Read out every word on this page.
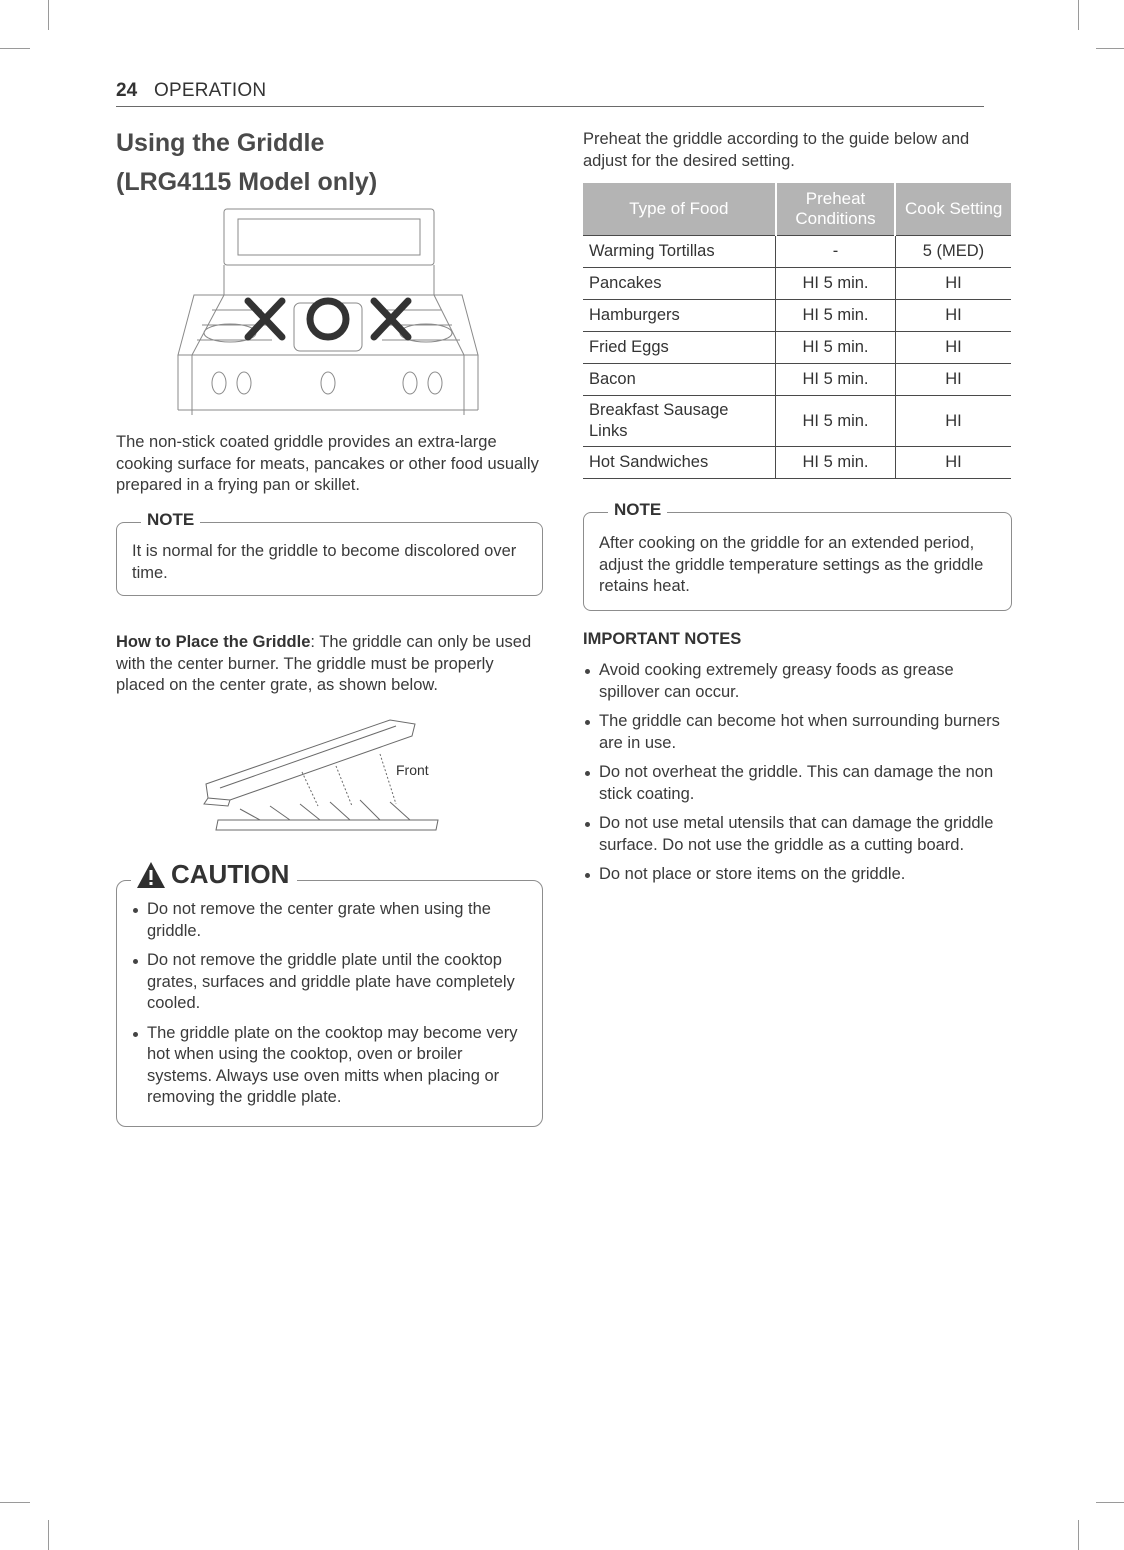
24 OPERATION
Using the Griddle
(LRG4115 Model only)

The non-stick coated griddle provides an extra-large cooking surface for meats, pancakes or other food usually prepared in a frying pan or skillet.

NOTE

It is normal for the griddle to become discolored over time.

How to Place the Griddle: The griddle can only be used with the center burner. The griddle must be properly placed on the center grate, as shown below.

Front
CAUTION
Do not remove the center grate when using the griddle.
Do not remove the griddle plate until the cooktop grates, surfaces and griddle plate have completely cooled.
The griddle plate on the cooktop may become very hot when using the cooktop, oven or broiler systems. Always use oven mitts when placing or removing the griddle plate.

Preheat the griddle according to the guide below and adjust for the desired setting.

Type of Food	Preheat Conditions	Cook Setting
Warming Tortillas	-	5 (MED)
Pancakes	HI 5 min.	HI
Hamburgers	HI 5 min.	HI
Fried Eggs	HI 5 min.	HI
Bacon	HI 5 min.	HI
Breakfast Sausage Links	HI 5 min.	HI
Hot Sandwiches	HI 5 min.	HI
NOTE

After cooking on the griddle for an extended period, adjust the griddle temperature settings as the griddle retains heat.

IMPORTANT NOTES
Avoid cooking extremely greasy foods as grease spillover can occur.
The griddle can become hot when surrounding burners are in use.
Do not overheat the griddle. This can damage the non stick coating.
Do not use metal utensils that can damage the griddle surface. Do not use the griddle as a cutting board.
Do not place or store items on the griddle.
